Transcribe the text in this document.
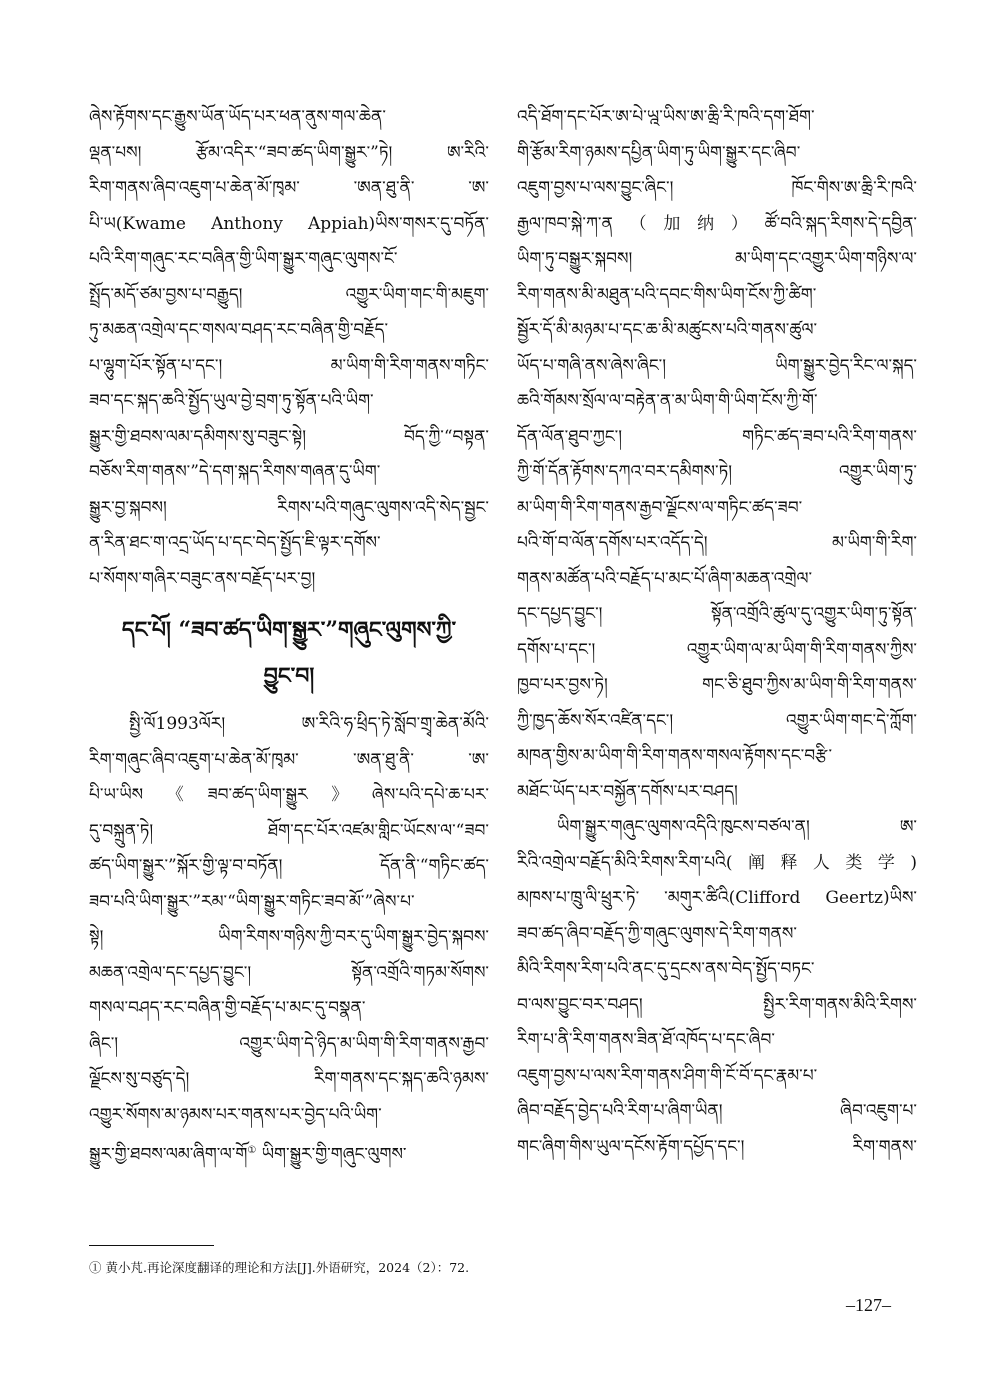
ཞེས་རྟོགས་དང་རྒྱུས་ཡོན་ཡོད་པར་ཕན་ནུས་གལ་ཆེན་
ལྡན་པས། རྩོམ་འདིར་“ཟབ་ཚད་ཡིག་སྒྱུར་”ཏེ། ཨ་རིའི་
རིག་གནས་ཞིབ་འཇུག་པ་ཆེན་མོ་ཁྭམ་ ་ཨན་ཐུ་ནི་ ་ཨ་
པི་ཡ(Kwame Anthony Appiah)ཡིས་གསར་དུ་བཏོན་
པའི་རིག་གཞུང་རང་བཞིན་གྱི་ཡིག་སྒྱུར་གཞུང་ལུགས་ངོ་
སྤྲོད་མདོ་ཙམ་བྱས་པ་བརྒྱུད། འགྱུར་ཡིག་གང་གི་མཇུག་
ཏུ་མཆན་འགྲེལ་དང་གསལ་བཤད་རང་བཞིན་གྱི་བརྗོད་
པ་ལྷུག་པོར་སྟོན་པ་དང་། མ་ཡིག་གི་རིག་གནས་གཏིང་
ཟབ་དང་སྐད་ཆའི་སྤྱོད་ཡུལ་བྱེ་བྲག་ཏུ་སྟོན་པའི་ཡིག་
སྒྱུར་གྱི་ཐབས་ལམ་དམིགས་སུ་བཟུང་སྟེ། བོད་ཀྱི་“བསྟན་
བཅོས་རིག་གནས་”དེ་དག་སྐད་རིགས་གཞན་དུ་ཡིག་
སྒྱུར་བྱ་སྐབས། རིགས་པའི་གཞུང་ལུགས་འདི་སེད་སྦྱང་
ན་རིན་ཐང་ག་འདྲ་ཡོད་པ་དང་བེད་སྤྱོད་ཇི་ལྟར་དགོས་
པ་སོགས་གཞིར་བཟུང་ནས་བརྗོད་པར་བྱ།
དང་པོ། “ཟབ་ཚད་ཡིག་སྒྱུར་”གཞུང་ལུགས་ཀྱི་
བྱུང་བ།
སྤྱི་ལོ1993ལོར། ཨ་རིའི་ཧ་ཕྲིད་ཏེ་སློབ་གྲྭ་ཆེན་མོའི་
རིག་གཞུང་ཞིབ་འཇུག་པ་ཆེན་མོ་ཁྭམ་ ་ཨན་ཐུ་ནི་ ་ཨ་
པི་ཡ་ཡིས《ཟབ་ཚད་ཡིག་སྒྱུར》ཞེས་པའི་དཔེ་ཆ་པར་
དུ་བསྐྲུན་ཏེ། ཐོག་དང་པོར་འཛམ་གླིང་ཡོངས་ལ་“ཟབ་
ཚད་ཡིག་སྒྱུར་”སྐོར་གྱི་ལྟ་བ་བཏོན། དོན་ནི་“གཏིང་ཚད་
ཟབ་པའི་ཡིག་སྒྱུར་”རམ་“ཡིག་སྒྱུར་གཏིང་ཟབ་མོ་”ཞེས་པ་
སྟེ། ཡིག་རིགས་གཉིས་ཀྱི་བར་དུ་ཡིག་སྒྱུར་བྱེད་སྐབས་
མཆན་འགྲེལ་དང་དཔྱད་བྱུང་། སྟོན་འགྲོའི་གཏམ་སོགས་
གསལ་བཤད་རང་བཞིན་གྱི་བརྗོད་པ་མང་དུ་བསྣན་
ཞིང་། འགྱུར་ཡིག་དེ་ཉིད་མ་ཡིག་གི་རིག་གནས་རྒྱབ་
ལྗོངས་སུ་བཙུད་དེ། རིག་གནས་དང་སྐད་ཆའི་ཉམས་
འགྱུར་སོགས་མ་ཉམས་པར་གནས་པར་བྱེད་པའི་ཡིག་
སྒྱུར་གྱི་ཐབས་ལམ་ཞིག་ལ་གོ① ཡིག་སྒྱུར་གྱི་གཞུང་ལུགས་
འདི་ཐོག་དང་པོར་ཨ་པེ་ཡྰ་ཡིས་ཨ་ཆྲི་རི་ཁའི་དག་ཐོག་
གི་རྩོམ་རིག་ཉམས་དཔྱིན་ཡིག་ཏུ་ཡིག་སྒྱུར་དང་ཞིབ་
འཇུག་བྱས་པ་ལས་བྱུང་ཞིང་། ཁོང་གིས་ཨ་ཆྲི་རི་ཁའི་
རྒྱལ་ཁབ་སྐེ་ཀ་ན（加纳）ཚོ་བའི་སྐད་རིགས་དེ་དབྱིན་
ཡིག་ཏུ་བསྒྱུར་སྐབས། མ་ཡིག་དང་འགྱུར་ཡིག་གཉིས་ལ་
རིག་གནས་མི་མཐུན་པའི་དབང་གིས་ཡིག་ངོས་ཀྱི་ཚིག་
སྦྱོར་དོ་མི་མཉམ་པ་དང་ཆ་མི་མཚུངས་པའི་གནས་ཚུལ་
ཡོད་པ་གཞི་ནས་ཞེས་ཞིང་། ཡིག་སྒྱུར་བྱེད་རིང་ལ་སྐད་
ཆའི་གོམས་སྲོལ་ལ་བརྟེན་ན་མ་ཡིག་གི་ཡིག་ངོས་ཀྱི་གོ་
དོན་ལོན་ཐུབ་ཀྱང་། གཏིང་ཚད་ཟབ་པའི་རིག་གནས་
ཀྱི་གོ་དོན་རྟོགས་དཀའ་བར་དམིགས་ཏེ། འགྱུར་ཡིག་ཏུ་
མ་ཡིག་གི་རིག་གནས་རྒྱབ་ལྗོངས་ལ་གཏིང་ཚད་ཟབ་
པའི་གོ་བ་ལོན་དགོས་པར་འདོད་དེ། མ་ཡིག་གི་རིག་
གནས་མཚོན་པའི་བརྗོད་པ་མང་པོ་ཞིག་མཆན་འགྲེལ་
དང་དཔྱད་བྱུང་། སྟོན་འགྲོའི་ཚུལ་དུ་འགྱུར་ཡིག་ཏུ་སྟོན་
དགོས་པ་དང་། འགྱུར་ཡིག་ལ་མ་ཡིག་གི་རིག་གནས་ཀྱིས་
ཁྱབ་པར་བྱས་ཏེ། གང་ཅི་ཐུབ་ཀྱིས་མ་ཡིག་གི་རིག་གནས་
ཀྱི་ཁྱད་ཆོས་སོར་འཛིན་དང་། འགྱུར་ཡིག་གང་དེ་ཀློག་
མཁན་གྱིས་མ་ཡིག་གི་རིག་གནས་གསལ་རྟོགས་དང་བརྩི་
མཐོང་ཡོད་པར་བསྐྱོན་དགོས་པར་བཤད།
ཡིག་སྒྱུར་གཞུང་ལུགས་འདིའི་ཁུངས་བཙལ་ན། ཨ་
རིའི་འགྲེལ་བརྗོད་མིའི་རིགས་རིག་པའི(阐释人类学)
མཁས་པ་ཁྲུ་ལི་ཕྲུར་ཏེ་ ་མགུར་ཚིའི(Clifford Geertz)ཡིས་
ཟབ་ཚད་ཞིབ་བརྗོད་ཀྱི་གཞུང་ལུགས་དེ་རིག་གནས་
མིའི་རིགས་རིག་པའི་ནང་དུ་དྲངས་ནས་བེད་སྤྱོད་བཏང་
བ་ལས་བྱུང་བར་བཤད། སྤྱིར་རིག་གནས་མིའི་རིགས་
རིག་པ་ནི་རིག་གནས་ཟིན་ཐོ་འཁོད་པ་དང་ཞིབ་
འཇུག་བྱས་པ་ལས་རིག་གནས་ཤིག་གི་ངོ་བོ་དང་རྣམ་པ་
ཞིབ་བརྗོད་བྱེད་པའི་རིག་པ་ཞིག་ཡིན། ཞིབ་འཇུག་པ་
གང་ཞིག་གིས་ཡུལ་དངོས་རྟོག་དཔྱོད་དང་། རིག་གནས་
① 黄小芃.再论深度翻译的理论和方法[J].外语研究，2024（2）：72.
–127–
